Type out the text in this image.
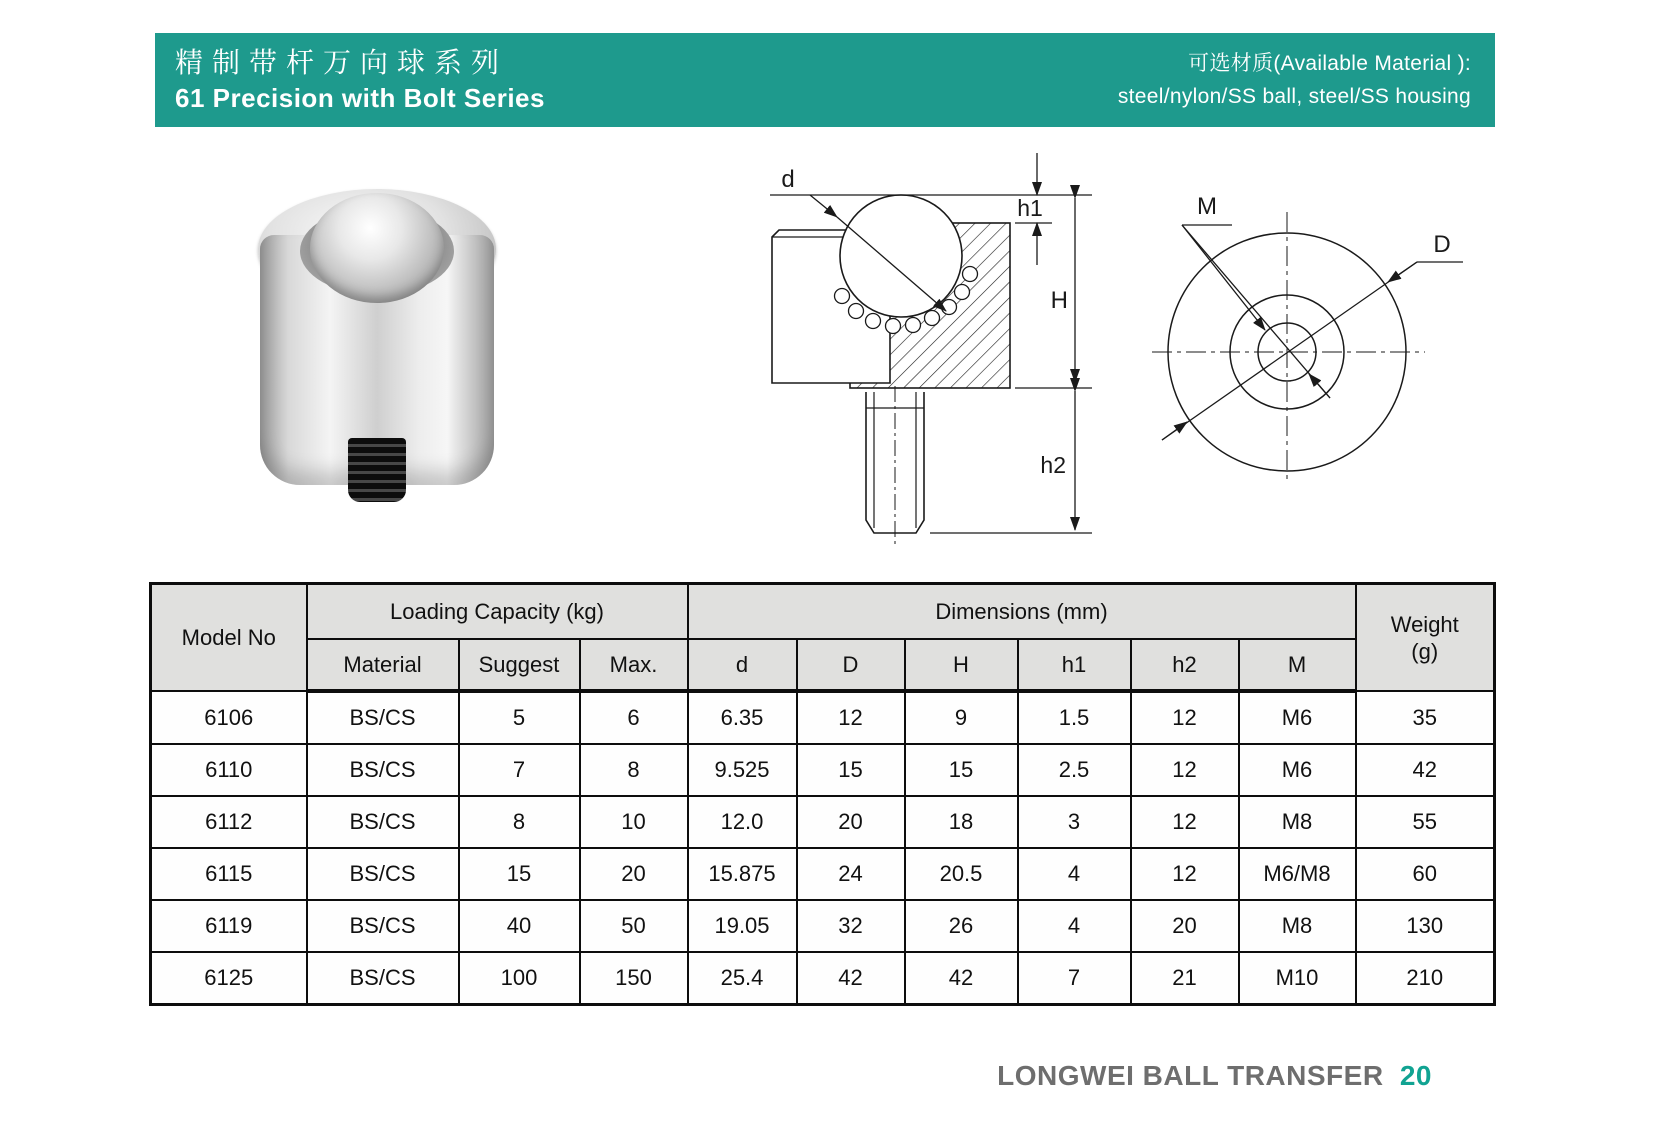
精制带杆万向球系列
61 Precision with Bolt Series
可选材质(Available Material ):
steel/nylon/SS ball, steel/SS housing
d
h1
H
h2
M
D
Model No	Loading Capacity (kg)			Dimensions (mm)						Weight
(g)

	Material	Suggest	Max.	d	D	H	h1	h2	M	
6106	BS/CS	5	6	6.35	12	9	1.5	12	M6	35
6110	BS/CS	7	8	9.525	15	15	2.5	12	M6	42
6112	BS/CS	8	10	12.0	20	18	3	12	M8	55
6115	BS/CS	15	20	15.875	24	20.5	4	12	M6/M8	60
6119	BS/CS	40	50	19.05	32	26	4	20	M8	130
6125	BS/CS	100	150	25.4	42	42	7	21	M10	210
LONGWEI BALL TRANSFER 20
